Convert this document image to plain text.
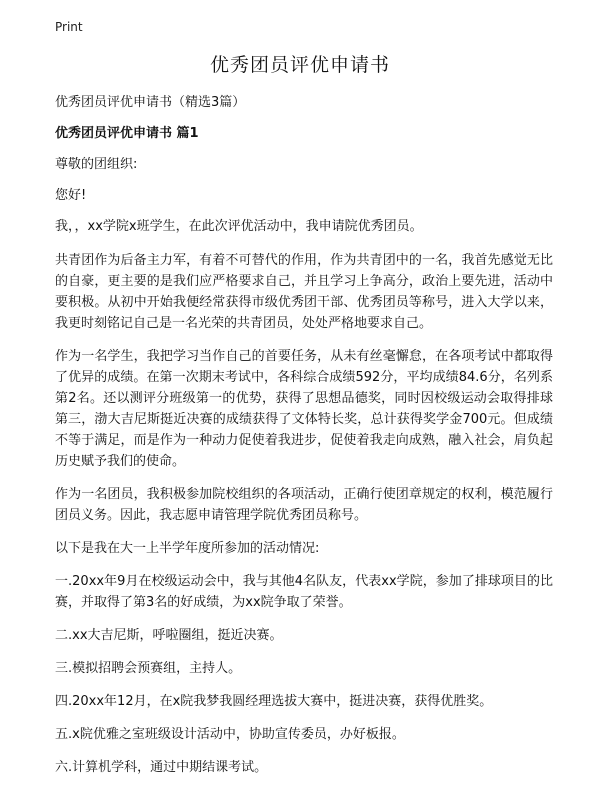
Print
优秀团员评优申请书

优秀团员评优申请书（精选3篇）

优秀团员评优申请书 篇1

尊敬的团组织:

您好!

我，，xx学院x班学生，在此次评优活动中，我申请院优秀团员。

共青团作为后备主力军，有着不可替代的作用，作为共青团中的一名，我首先感觉无比的自豪，更主要的是我们应严格要求自己，并且学习上争高分，政治上要先进，活动中要积极。从初中开始我便经常获得市级优秀团干部、优秀团员等称号，进入大学以来，我更时刻铭记自己是一名光荣的共青团员，处处严格地要求自己。

作为一名学生，我把学习当作自己的首要任务，从未有丝毫懈怠，在各项考试中都取得了优异的成绩。在第一次期末考试中，各科综合成绩592分，平均成绩84.6分，名列系第2名。还以测评分班级第一的优势，获得了思想品德奖，同时因校级运动会取得排球第三，渤大吉尼斯挺近决赛的成绩获得了文体特长奖，总计获得奖学金700元。但成绩不等于满足，而是作为一种动力促使着我进步，促使着我走向成熟，融入社会，肩负起历史赋予我们的使命。

作为一名团员，我积极参加院校组织的各项活动，正确行使团章规定的权利，模范履行团员义务。因此，我志愿申请管理学院优秀团员称号。

以下是我在大一上半学年度所参加的活动情况:

一.20xx年9月在校级运动会中，我与其他4名队友，代表xx学院，参加了排球项目的比赛，并取得了第3名的好成绩，为xx院争取了荣誉。

二.xx大吉尼斯，呼啦圈组，挺近决赛。

三.模拟招聘会预赛组，主持人。

四.20xx年12月，在x院我梦我圆经理选拔大赛中，挺进决赛，获得优胜奖。

五.x院优雅之室班级设计活动中，协助宣传委员，办好板报。

六.计算机学科，通过中期结课考试。
